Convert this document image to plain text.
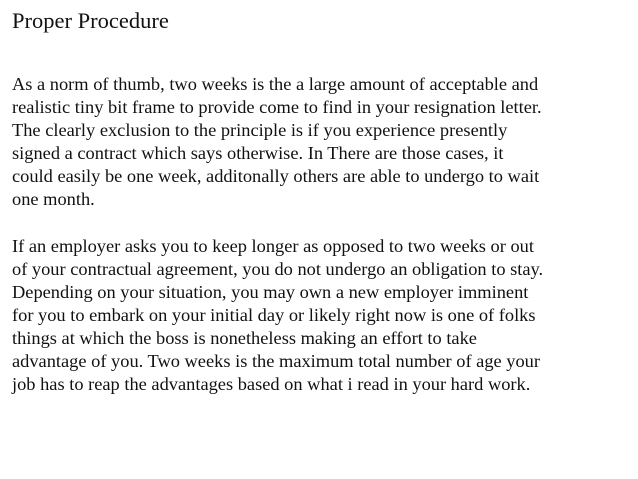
Proper Procedure

As a norm of thumb, two weeks is the a large amount of acceptable and
realistic tiny bit frame to provide come to find in your resignation letter.
The clearly exclusion to the principle is if you experience presently
signed a contract which says otherwise. In There are those cases, it
could easily be one week, additonally others are able to undergo to wait
one month.

If an employer asks you to keep longer as opposed to two weeks or out
of your contractual agreement, you do not undergo an obligation to stay.
Depending on your situation, you may own a new employer imminent
for you to embark on your initial day or likely right now is one of folks
things at which the boss is nonetheless making an effort to take
advantage of you. Two weeks is the maximum total number of age your
job has to reap the advantages based on what i read in your hard work.
